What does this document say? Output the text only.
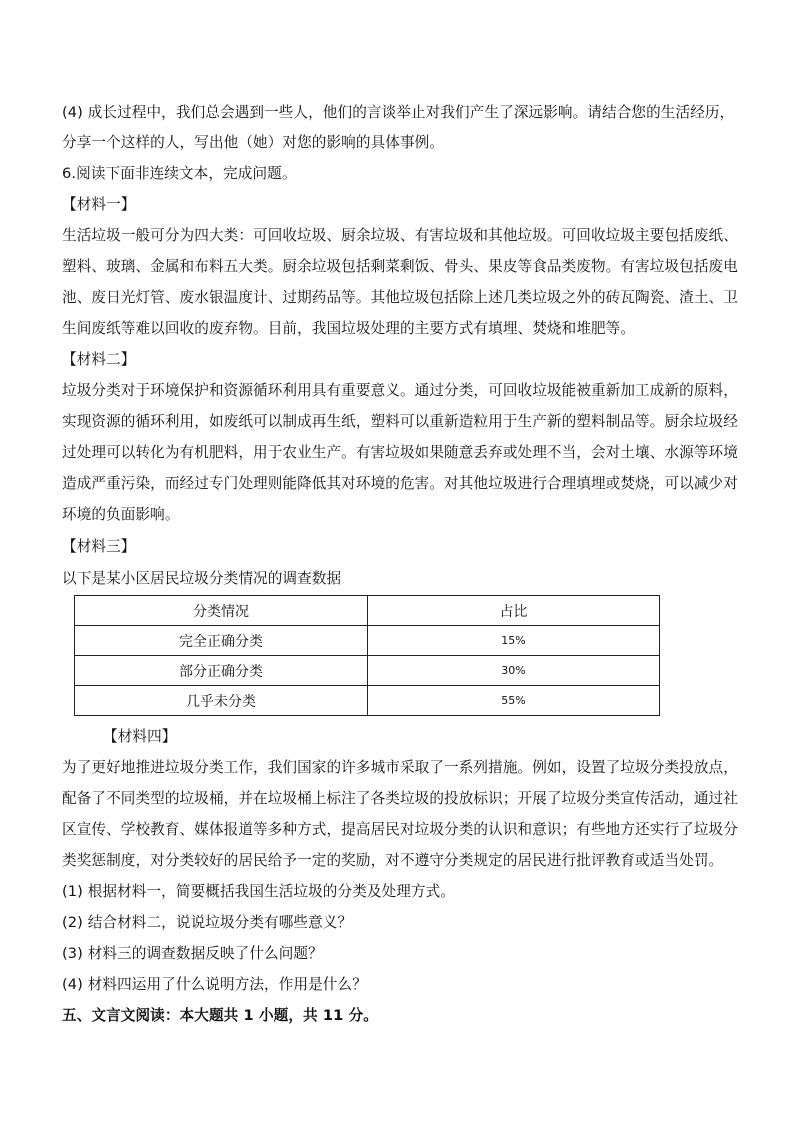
(4) 成长过程中，我们总会遇到一些人，他们的言谈举止对我们产生了深远影响。请结合您的生活经历，
分享一个这样的人，写出他（她）对您的影响的具体事例。
6.阅读下面非连续文本，完成问题。
【材料一】
生活垃圾一般可分为四大类：可回收垃圾、厨余垃圾、有害垃圾和其他垃圾。可回收垃圾主要包括废纸、
塑料、玻璃、金属和布料五大类。厨余垃圾包括剩菜剩饭、骨头、果皮等食品类废物。有害垃圾包括废电
池、废日光灯管、废水银温度计、过期药品等。其他垃圾包括除上述几类垃圾之外的砖瓦陶瓷、渣土、卫
生间废纸等难以回收的废弃物。目前，我国垃圾处理的主要方式有填埋、焚烧和堆肥等。
【材料二】
垃圾分类对于环境保护和资源循环利用具有重要意义。通过分类，可回收垃圾能被重新加工成新的原料，
实现资源的循环利用，如废纸可以制成再生纸，塑料可以重新造粒用于生产新的塑料制品等。厨余垃圾经
过处理可以转化为有机肥料，用于农业生产。有害垃圾如果随意丢弃或处理不当，会对土壤、水源等环境
造成严重污染，而经过专门处理则能降低其对环境的危害。对其他垃圾进行合理填埋或焚烧，可以减少对
环境的负面影响。
【材料三】
以下是某小区居民垃圾分类情况的调查数据
分类情况	占比
完全正确分类	15%
部分正确分类	30%
几乎未分类	55%
【材料四】
为了更好地推进垃圾分类工作，我们国家的许多城市采取了一系列措施。例如，设置了垃圾分类投放点，
配备了不同类型的垃圾桶，并在垃圾桶上标注了各类垃圾的投放标识；开展了垃圾分类宣传活动，通过社
区宣传、学校教育、媒体报道等多种方式，提高居民对垃圾分类的认识和意识；有些地方还实行了垃圾分
类奖惩制度，对分类较好的居民给予一定的奖励，对不遵守分类规定的居民进行批评教育或适当处罚。
(1) 根据材料一，简要概括我国生活垃圾的分类及处理方式。
(2) 结合材料二，说说垃圾分类有哪些意义？
(3) 材料三的调查数据反映了什么问题？
(4) 材料四运用了什么说明方法，作用是什么？
五、文言文阅读：本大题共 1 小题，共 11 分。
